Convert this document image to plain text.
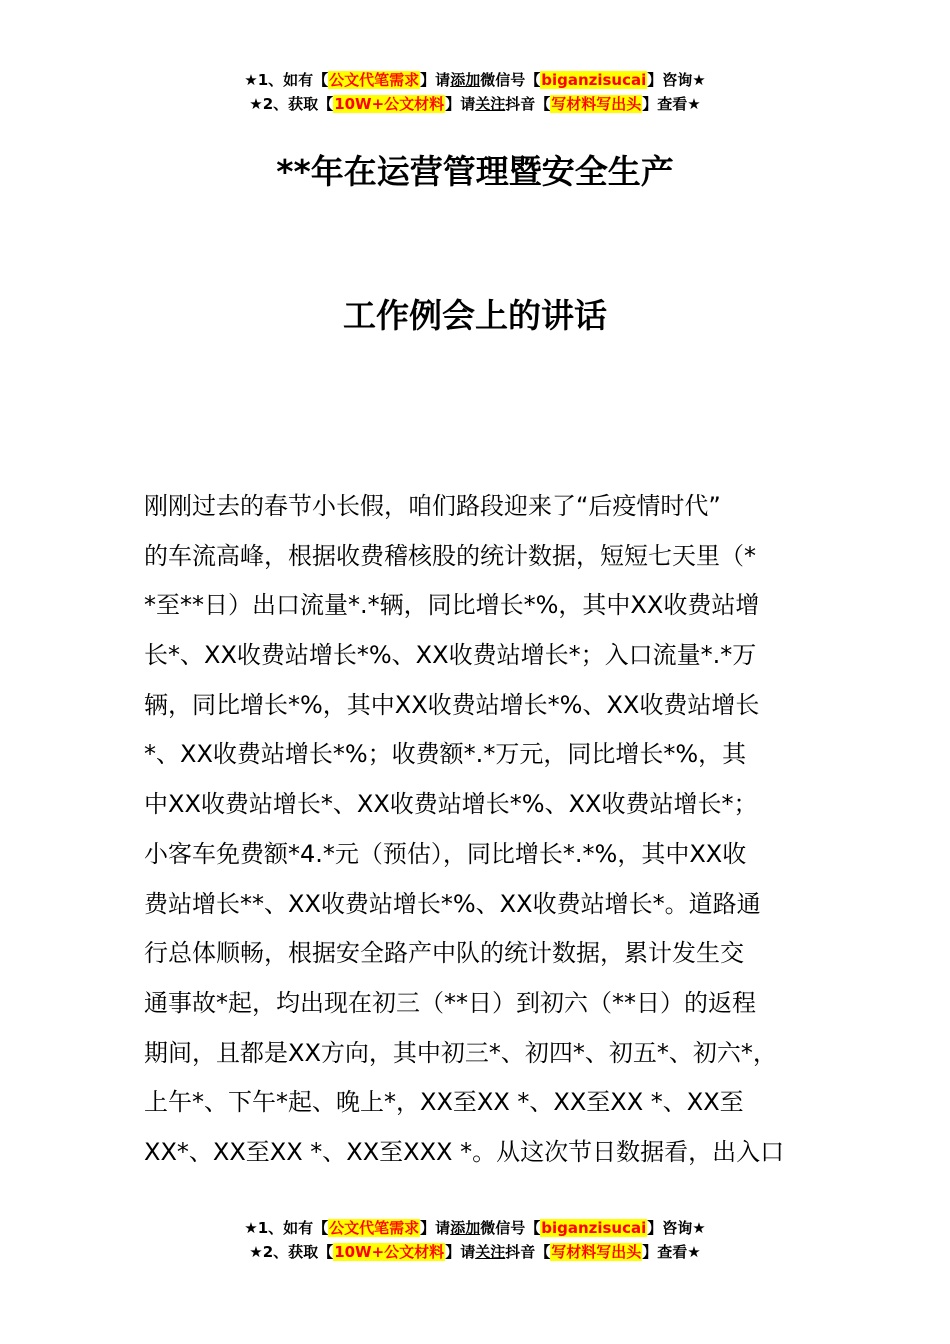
★1、如有【公文代笔需求】请添加微信号【biganzisucai】咨询★
★2、获取【10W+公文材料】请关注抖音【写材料写出头】查看★
**年在运营管理暨安全生产
工作例会上的讲话
刚刚过去的春节小长假，咱们路段迎来了“后疫情时代”
的车流高峰，根据收费稽核股的统计数据，短短七天里（*
*至**日）出口流量*.*辆，同比增长*%，其中XX收费站增
长*、XX收费站增长*%、XX收费站增长*；入口流量*.*万
辆，同比增长*%，其中XX收费站增长*%、XX收费站增长
*、XX收费站增长*%；收费额*.*万元，同比增长*%，其
中XX收费站增长*、XX收费站增长*%、XX收费站增长*；
小客车免费额*4.*元（预估），同比增长*.*%，其中XX收
费站增长**、XX收费站增长*%、XX收费站增长*。道路通
行总体顺畅，根据安全路产中队的统计数据，累计发生交
通事故*起，均出现在初三（**日）到初六（**日）的返程
期间，且都是XX方向，其中初三*、初四*、初五*、初六*，
上午*、下午*起、晚上*，XX至XX *、XX至XX *、XX至
XX*、XX至XX *、XX至XXX *。从这次节日数据看，出入口
★1、如有【公文代笔需求】请添加微信号【biganzisucai】咨询★
★2、获取【10W+公文材料】请关注抖音【写材料写出头】查看★
